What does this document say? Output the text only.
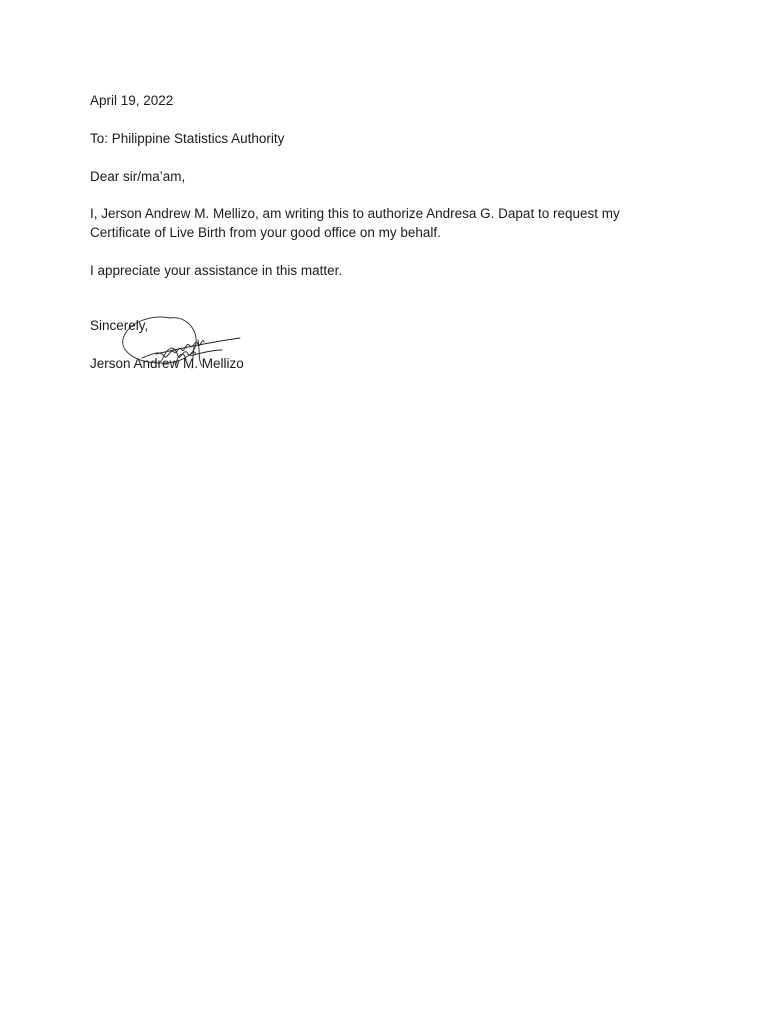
April 19, 2022
To: Philippine Statistics Authority
Dear sir/ma’am,
I, Jerson Andrew M. Mellizo, am writing this to authorize Andresa G. Dapat to request my
Certificate of Live Birth from your good office on my behalf.
I appreciate your assistance in this matter.
Sincerely,
Jerson Andrew M. Mellizo
